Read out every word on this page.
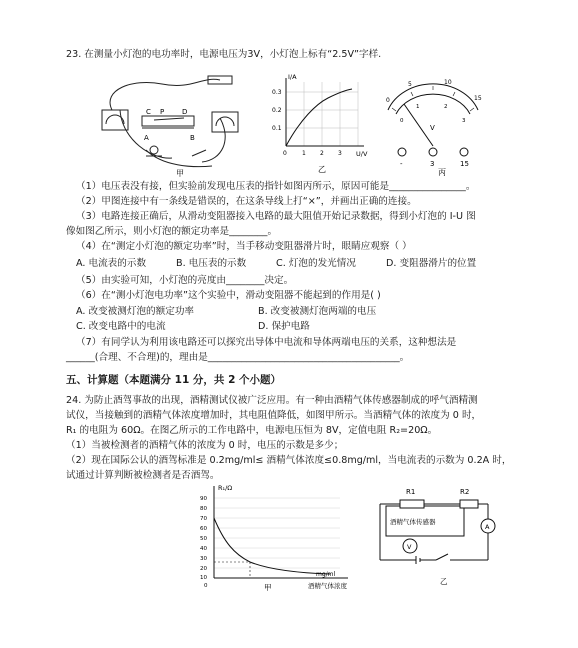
23. 在测量小灯泡的电功率时，电源电压为3V，小灯泡上标有“2.5V”字样.
C P	D
A	B
甲
I/A
U/V
0.3
0.2
0.1
0	1 2 3
乙
0
5	10
15
0
1	2
3
V
-	3	15
丙
（1）电压表没有接，但实验前发现电压表的指针如图丙所示，原因可能是________________。
（2）甲图连接中有一条线是错误的，在这条导线上打“×”，并画出正确的连接。
（3）电路连接正确后，从滑动变阻器接入电路的最大阻值开始记录数据，得到小灯泡的 I-U 图
像如图乙所示，则小灯泡的额定功率是________。
（4）在“测定小灯泡的额定功率”时，当手移动变阻器滑片时，眼睛应观察（ ）
A. 电流表的示数	B. 电压表的示数	C. 灯泡的发光情况	D. 变阻器滑片的位置
（5）由实验可知，小灯泡的亮度由________决定。
（6）在“测小灯泡电功率”这个实验中，滑动变阻器不能起到的作用是( )
A. 改变被测灯泡的额定功率	B. 改变被测灯泡两端的电压
C. 改变电路中的电流	D. 保护电路
（7）有同学认为利用该电路还可以探究出导体中电流和导体两端电压的关系，这种想法是
______(合理、不合理)的，理由是________________________________________。
五、计算题（本题满分 11 分，共 2 个小题）
24. 为防止酒驾事故的出现，酒精测试仪被广泛应用。有一种由酒精气体传感器制成的呼气酒精测
试仪，当接触到的酒精气体浓度增加时，其电阻值降低，如图甲所示。当酒精气体的浓度为 0 时，
R₁ 的电阻为 60Ω。在图乙所示的工作电路中，电源电压恒为 8V，定值电阻 R₂=20Ω。
（1）当被检测者的酒精气体的浓度为 0 时，电压的示数是多少；
（2）现在国际公认的酒驾标准是 0.2mg/ml≤ 酒精气体浓度≤0.8mg/ml，当电流表的示数为 0.2A 时，
试通过计算判断被检测者是否酒驾。
R₁/Ω
mg/ml
90
80
70
60
50
40
30
20
10
0	酒精气体浓度
甲
R1	R2
酒精气体传感器
A
V
乙
